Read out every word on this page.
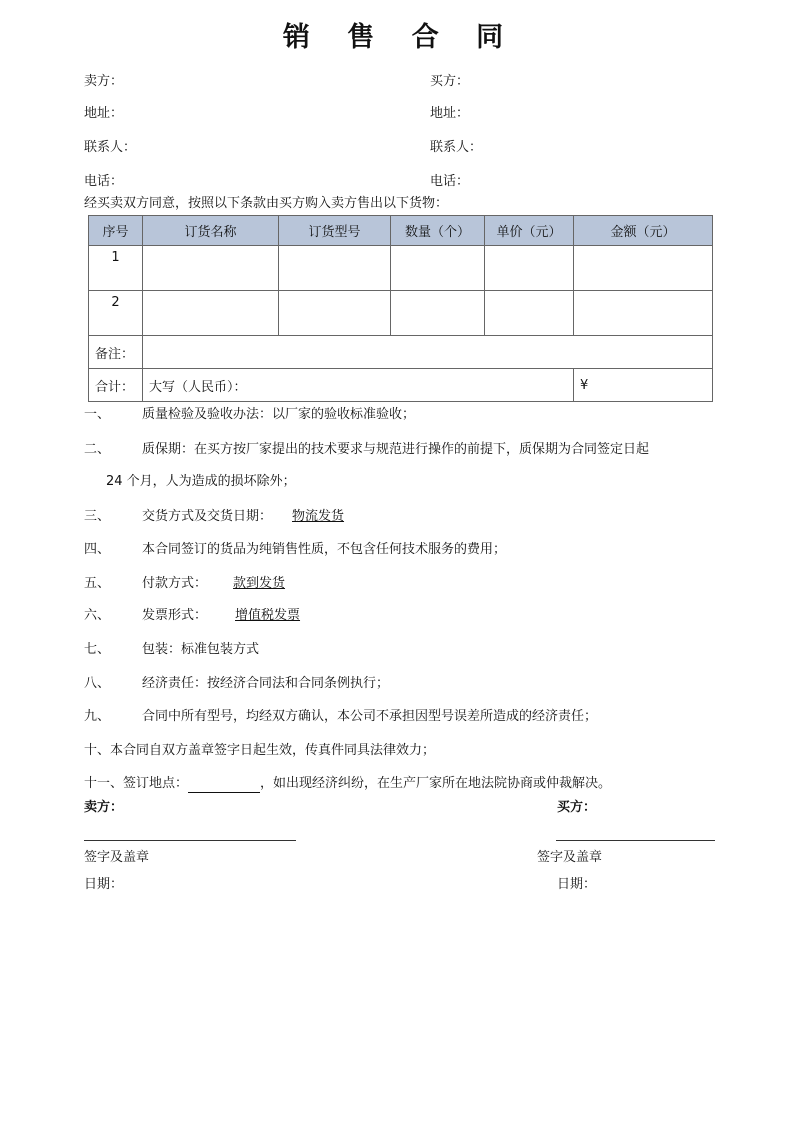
销 售 合 同
卖方：	买方：
地址：	地址：
联系人：	联系人：
电话：	电话：
经买卖双方同意，按照以下条款由买方购入卖方售出以下货物：
序号	订货名称	订货型号	数量（个）	单价（元）	金额（元）
1					
2					
备注：					
合计：	大写（人民币）：				¥
一、 质量检验及验收办法：以厂家的验收标准验收；
二、 质保期：在买方按厂家提出的技术要求与规范进行操作的前提下，质保期为合同签定日起
24 个月，人为造成的损坏除外；
三、 交货方式及交货日期： 物流发货
四、 本合同签订的货品为纯销售性质，不包含任何技术服务的费用；
五、 付款方式： 款到发货
六、 发票形式： 增值税发票
七、 包装：标准包装方式
八、 经济责任：按经济合同法和合同条例执行；
九、 合同中所有型号，均经双方确认，本公司不承担因型号误差所造成的经济责任；
十、本合同自双方盖章签字日起生效，传真件同具法律效力；
十一、签订地点：	，如出现经济纠纷，在生产厂家所在地法院协商或仲裁解决。
卖方：	买方：
签字及盖章	签字及盖章
日期：	日期：
